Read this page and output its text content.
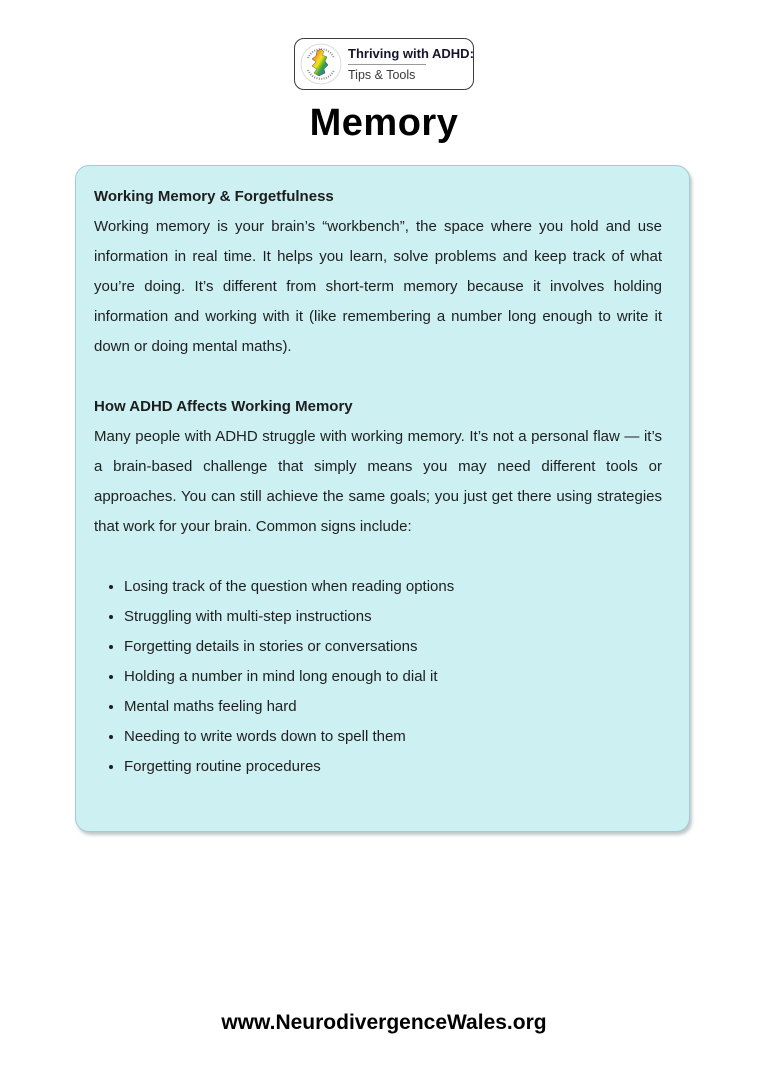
Thriving with ADHD:
Tips & Tools
Memory
Working Memory & Forgetfulness

Working memory is your brain’s “workbench”, the space where you hold and use information in real time. It helps you learn, solve problems and keep track of what you’re doing. It’s different from short-term memory because it involves holding information and working with it (like remembering a number long enough to write it down or doing mental maths).

How ADHD Affects Working Memory

Many people with ADHD struggle with working memory. It’s not a personal flaw — it’s a brain-based challenge that simply means you may need different tools or approaches. You can still achieve the same goals; you just get there using strategies that work for your brain. Common signs include:

• Losing track of the question when reading options
• Struggling with multi-step instructions
• Forgetting details in stories or conversations
• Holding a number in mind long enough to dial it
• Mental maths feeling hard
• Needing to write words down to spell them
• Forgetting routine procedures
www.NeurodivergenceWales.org
